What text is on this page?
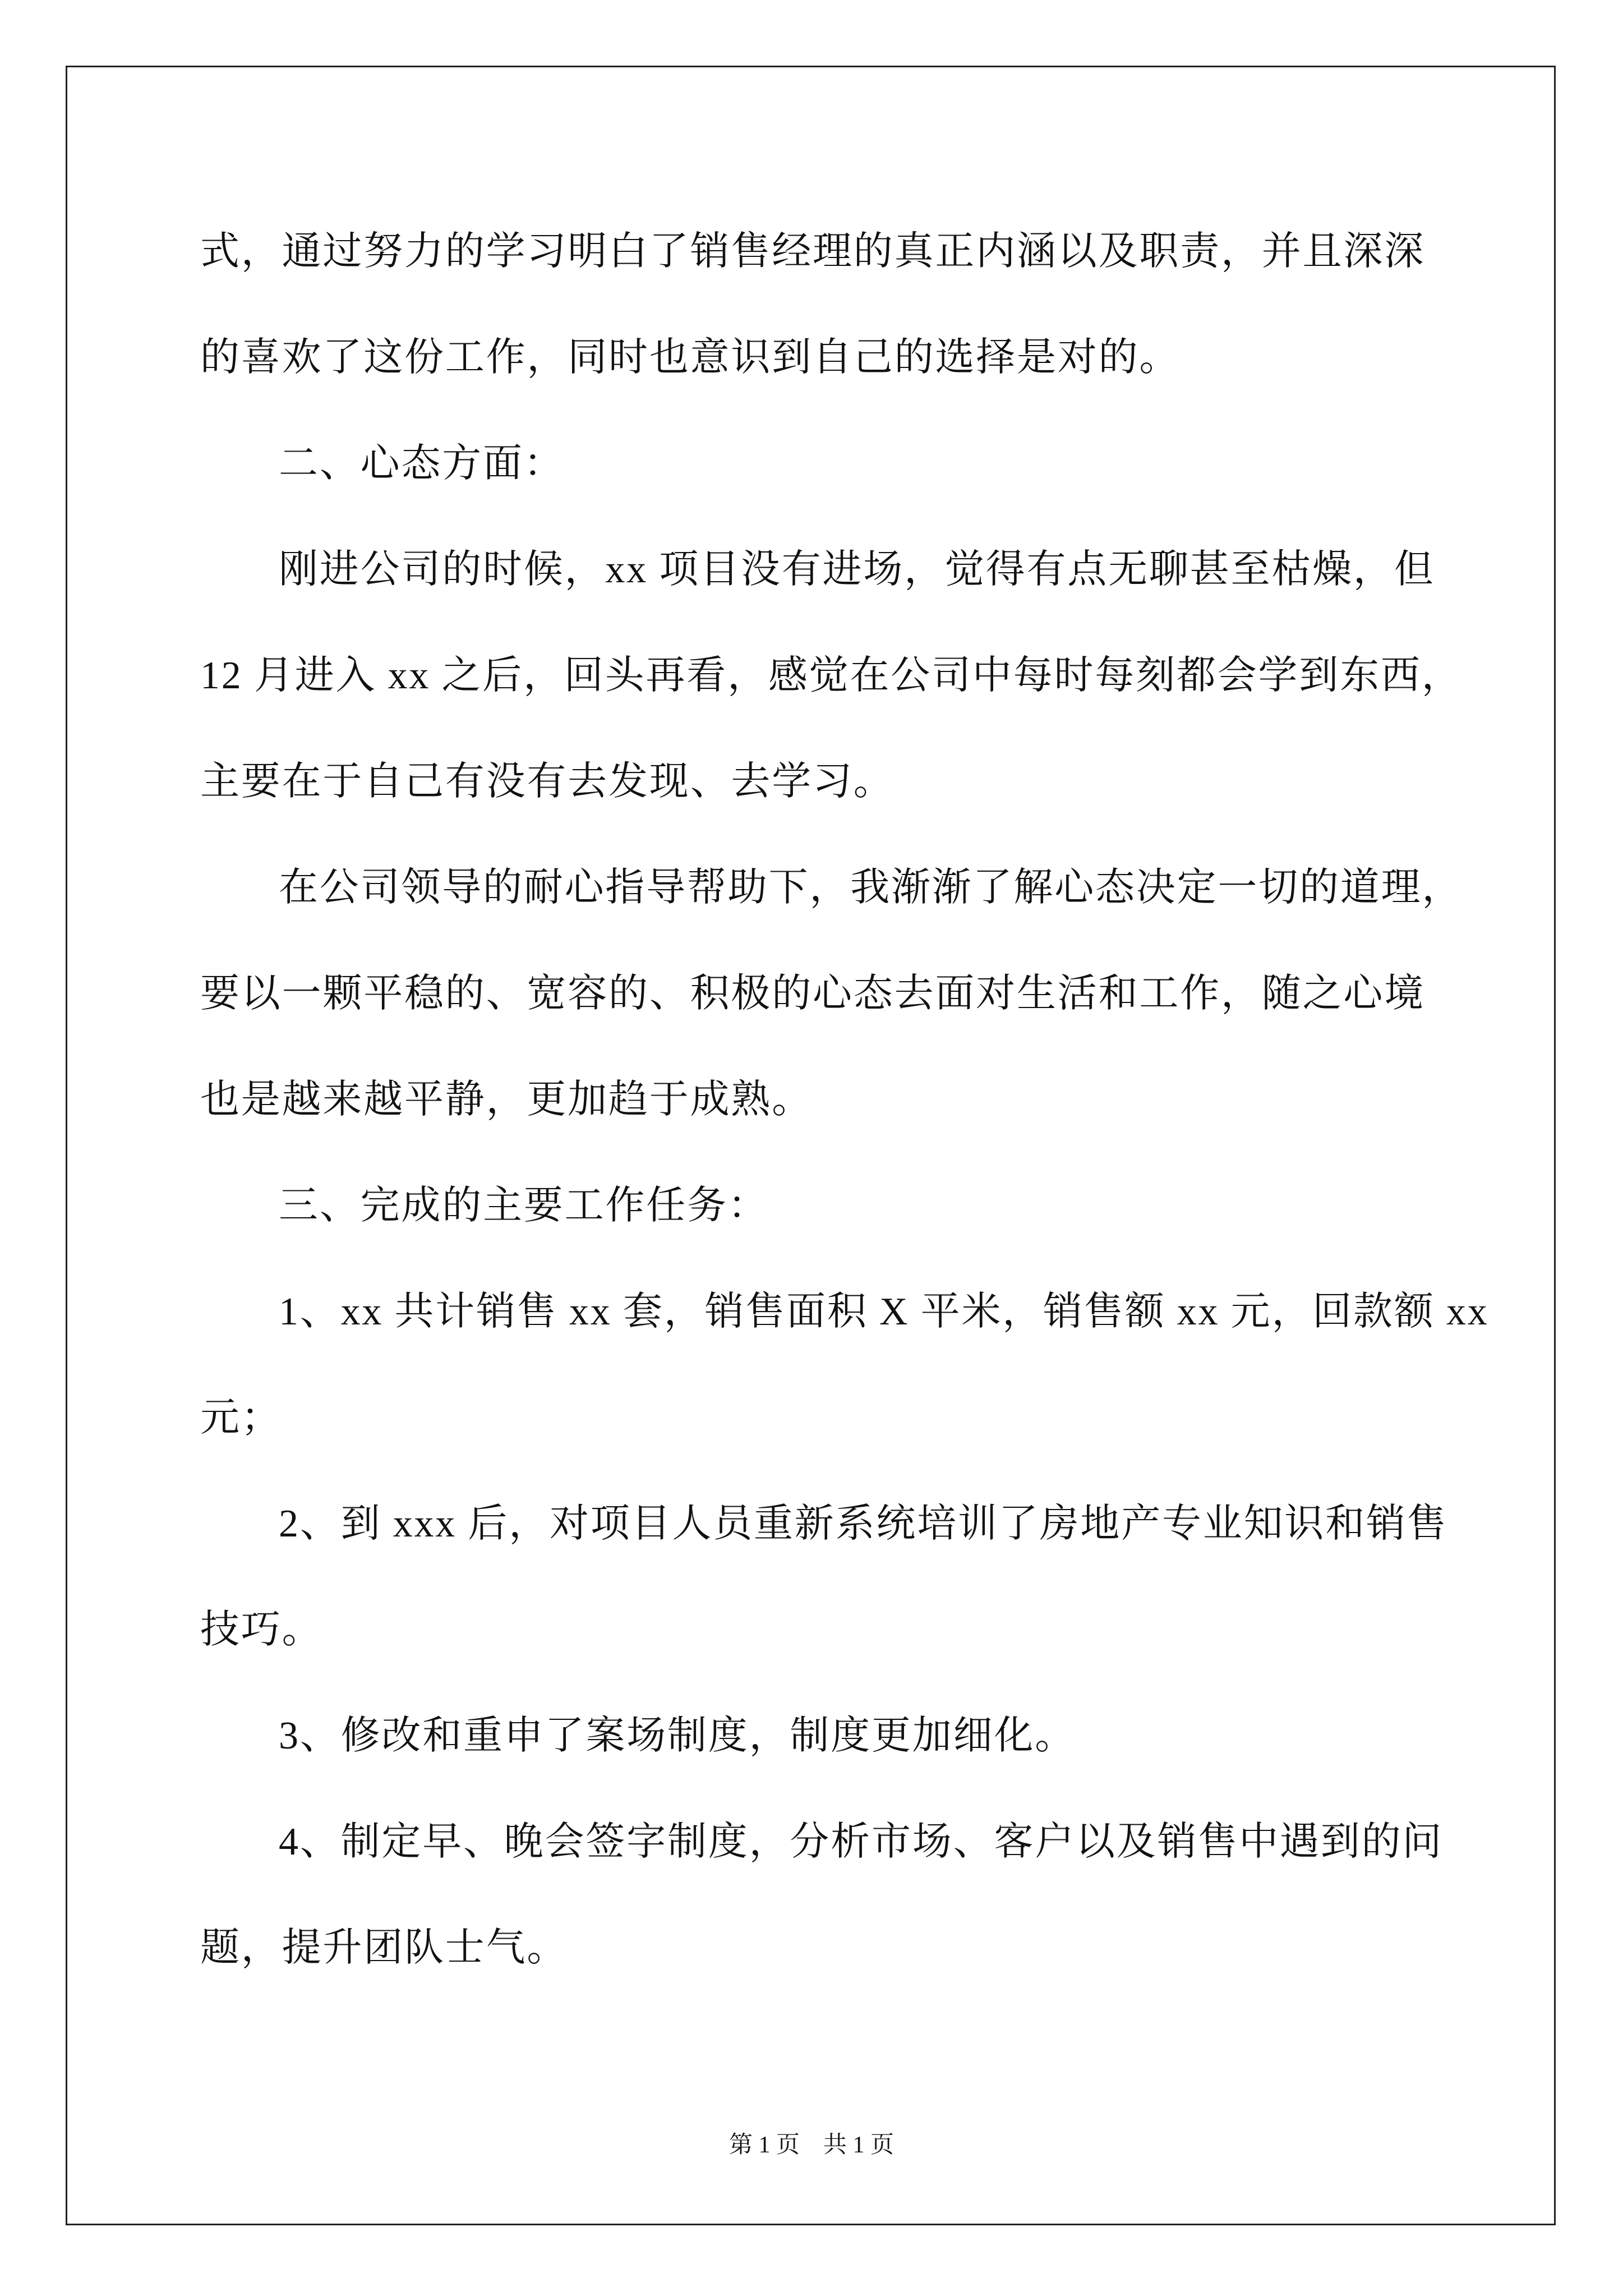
式，通过努力的学习明白了销售经理的真正内涵以及职责，并且深深
的喜欢了这份工作，同时也意识到自己的选择是对的。
二、心态方面：
刚进公司的时候，xx 项目没有进场，觉得有点无聊甚至枯燥，但
12 月进入 xx 之后，回头再看，感觉在公司中每时每刻都会学到东西，
主要在于自己有没有去发现、去学习。
在公司领导的耐心指导帮助下，我渐渐了解心态决定一切的道理，
要以一颗平稳的、宽容的、积极的心态去面对生活和工作，随之心境
也是越来越平静，更加趋于成熟。
三、完成的主要工作任务：
1、xx 共计销售 xx 套，销售面积 X 平米，销售额 xx 元，回款额 xx
元；
2、到 xxx 后，对项目人员重新系统培训了房地产专业知识和销售
技巧。
3、修改和重申了案场制度，制度更加细化。
4、制定早、晚会签字制度，分析市场、客户以及销售中遇到的问
题，提升团队士气。
第 1 页　共 1 页
